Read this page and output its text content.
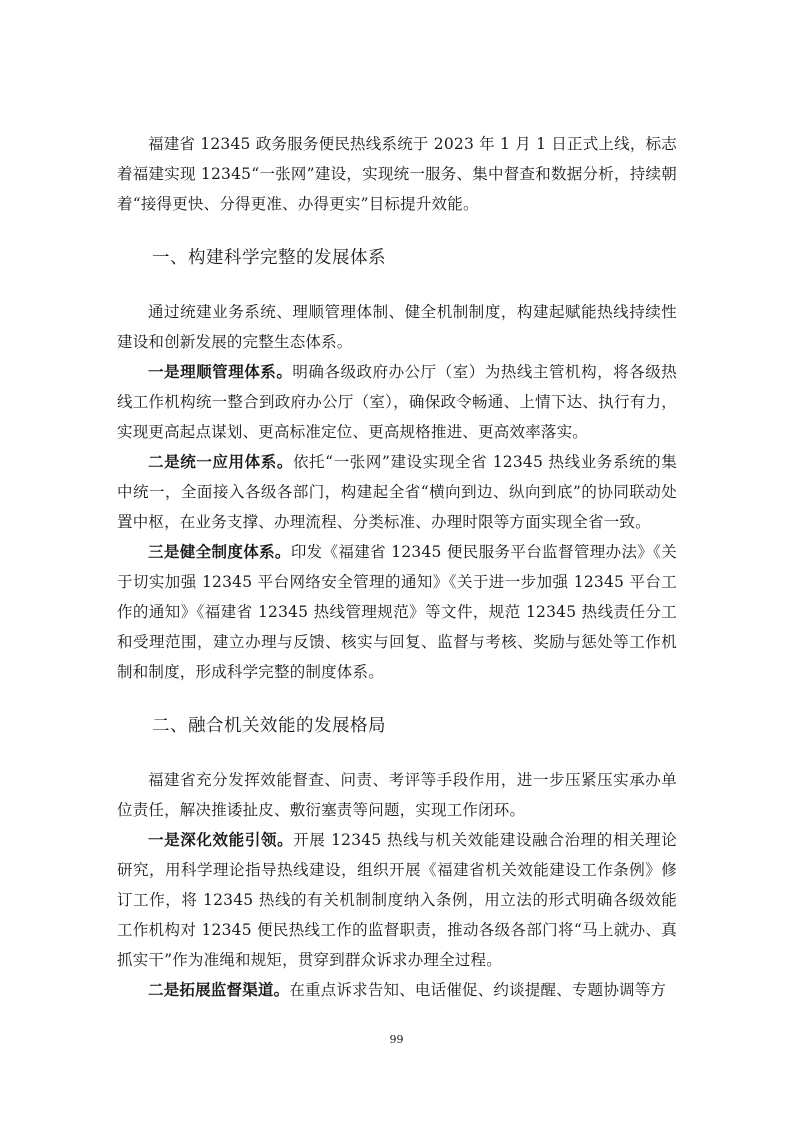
福建省 12345 政务服务便民热线系统于 2023 年 1 月 1 日正式上线，标志着福建实现 12345“一张网”建设，实现统一服务、集中督查和数据分析，持续朝着“接得更快、分得更准、办得更实”目标提升效能。

一、构建科学完整的发展体系

通过统建业务系统、理顺管理体制、健全机制制度，构建起赋能热线持续性建设和创新发展的完整生态体系。

一是理顺管理体系。明确各级政府办公厅（室）为热线主管机构，将各级热线工作机构统一整合到政府办公厅（室），确保政令畅通、上情下达、执行有力，实现更高起点谋划、更高标准定位、更高规格推进、更高效率落实。

二是统一应用体系。依托“一张网”建设实现全省 12345 热线业务系统的集中统一，全面接入各级各部门，构建起全省“横向到边、纵向到底”的协同联动处置中枢，在业务支撑、办理流程、分类标准、办理时限等方面实现全省一致。

三是健全制度体系。印发《福建省 12345 便民服务平台监督管理办法》《关于切实加强 12345 平台网络安全管理的通知》《关于进一步加强 12345 平台工作的通知》《福建省 12345 热线管理规范》等文件，规范 12345 热线责任分工和受理范围，建立办理与反馈、核实与回复、监督与考核、奖励与惩处等工作机制和制度，形成科学完整的制度体系。

二、融合机关效能的发展格局

福建省充分发挥效能督查、问责、考评等手段作用，进一步压紧压实承办单位责任，解决推诿扯皮、敷衍塞责等问题，实现工作闭环。

一是深化效能引领。开展 12345 热线与机关效能建设融合治理的相关理论研究，用科学理论指导热线建设，组织开展《福建省机关效能建设工作条例》修订工作，将 12345 热线的有关机制制度纳入条例，用立法的形式明确各级效能工作机构对 12345 便民热线工作的监督职责，推动各级各部门将“马上就办、真抓实干”作为准绳和规矩，贯穿到群众诉求办理全过程。

二是拓展监督渠道。在重点诉求告知、电话催促、约谈提醒、专题协调等方

99
